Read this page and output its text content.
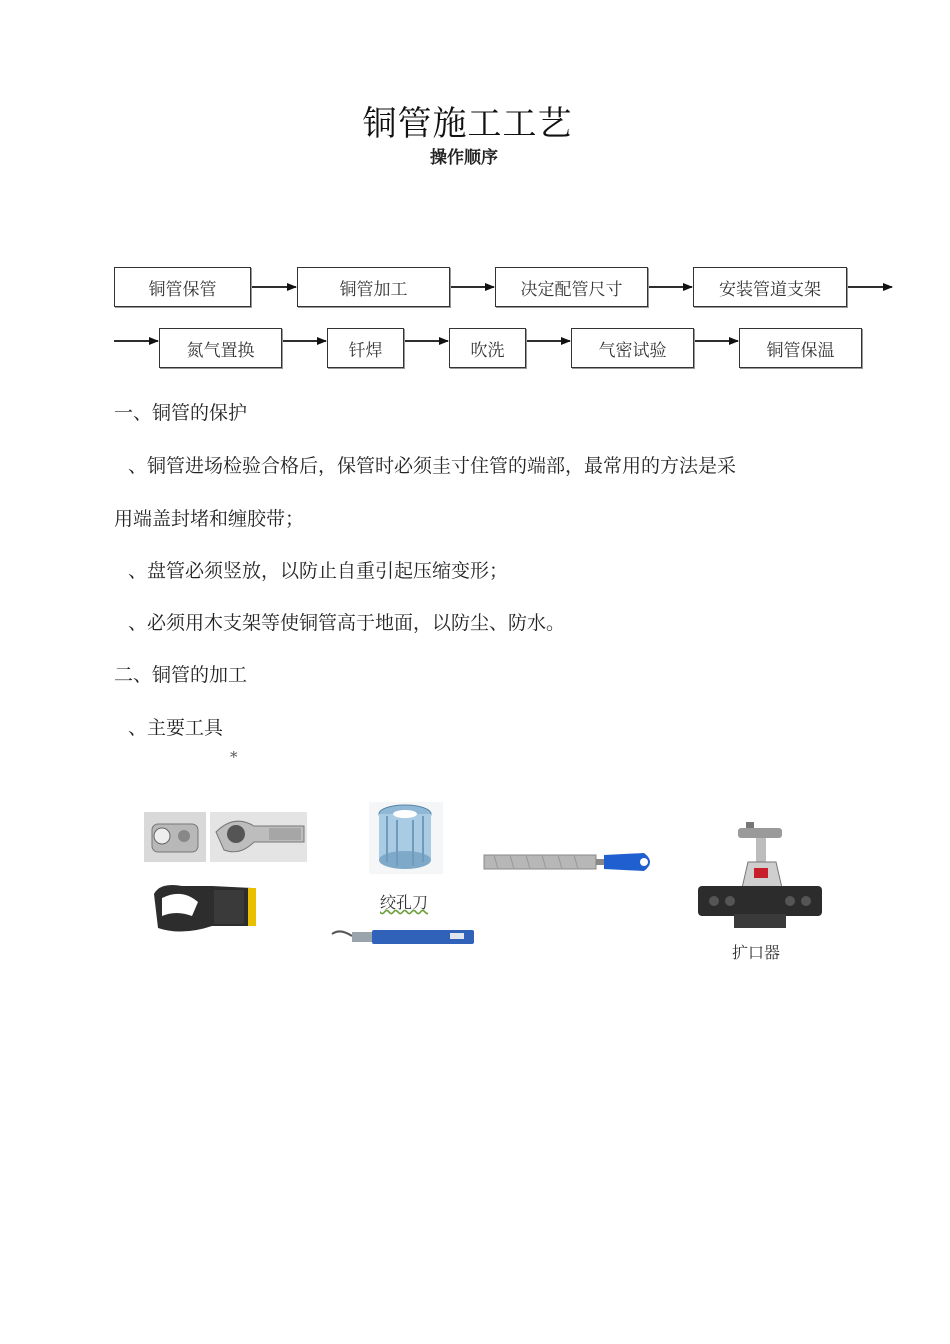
铜管施工工艺
操作顺序
铜管保管	铜管加工	决定配管尺寸	安装管道支架
氮气置换	钎焊	吹洗	气密试验	铜管保温
一、铜管的保护
、铜管进场检验合格后，保管时必须圭寸住管的端部，最常用的方法是采
用端盖封堵和缠胶带；
、盘管必须竖放，以防止自重引起压缩变形；
、必须用木支架等使铜管高于地面，以防尘、防水。
二、铜管的加工
、主要工具
*
绞孔刀
扩口器
